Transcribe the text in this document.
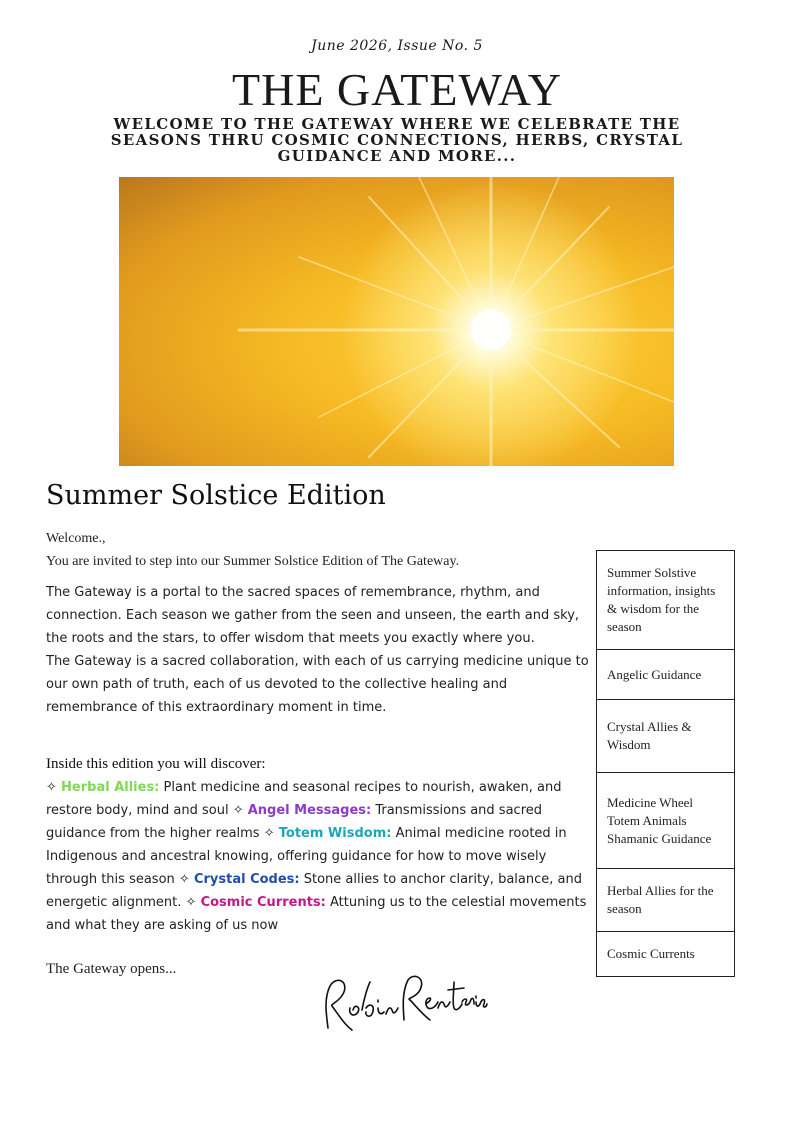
June 2026, Issue No. 5
THE GATEWAY
WELCOME TO THE GATEWAY WHERE WE CELEBRATE THE SEASONS THRU COSMIC CONNECTIONS, HERBS, CRYSTAL GUIDANCE AND MORE...
Summer Solstice Edition
Welcome.,
You are invited to step into our Summer Solstice Edition of The Gateway.

The Gateway is a portal to the sacred spaces of remembrance, rhythm, and connection. Each season we gather from the seen and unseen, the earth and sky, the roots and the stars, to offer wisdom that meets you exactly where you.

The Gateway is a sacred collaboration, with each of us carrying medicine unique to our own path of truth, each of us devoted to the collective healing and remembrance of this extraordinary moment in time.

Inside this edition you will discover:
✧ Herbal Allies: Plant medicine and seasonal recipes to nourish, awaken, and restore body, mind and soul ✧ Angel Messages: Transmissions and sacred guidance from the higher realms ✧ Totem Wisdom: Animal medicine rooted in Indigenous and ancestral knowing, offering guidance for how to move wisely through this season ✧ Crystal Codes: Stone allies to anchor clarity, balance, and energetic alignment. ✧ Cosmic Currents: Attuning us to the celestial movements and what they are asking of us now
The Gateway opens...
Summer Solstive information, insights & wisdom for the season
Angelic Guidance
Crystal Allies & Wisdom
Medicine Wheel Totem Animals Shamanic Guidance
Herbal Allies for the season
Cosmic Currents
